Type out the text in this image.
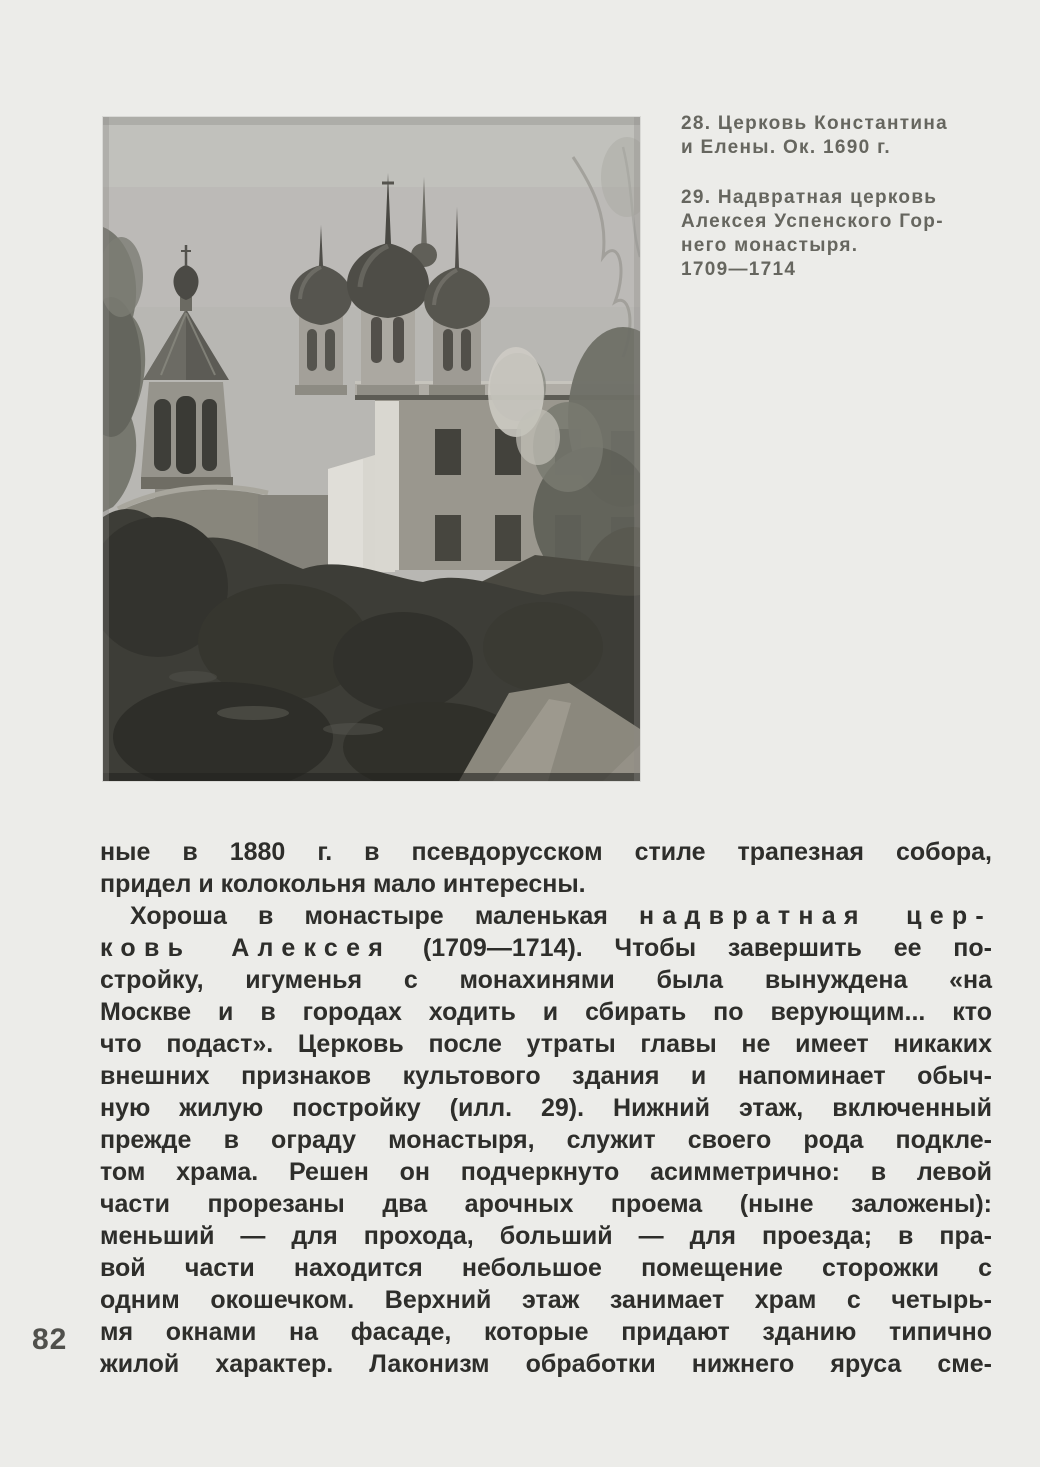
28. Церковь Константина
и Елены. Ок. 1690 г.
29. Надвратная церковь
Алексея Успенского Гор-
него монастыря.
1709—1714
ные в 1880 г. в псевдорусском стиле трапезная собора,
придел и колокольня мало интересны.
Хороша в монастыре маленькая надвратная цер-
ковь Алексея (1709—1714). Чтобы завершить ее по-
стройку, игуменья с монахинями была вынуждена «на
Москве и в городах ходить и сбирать по верующим... кто
что подаст». Церковь после утраты главы не имеет никаких
внешних признаков культового здания и напоминает обыч-
ную жилую постройку (илл. 29). Нижний этаж, включенный
прежде в ограду монастыря, служит своего рода подкле-
том храма. Решен он подчеркнуто асимметрично: в левой
части прорезаны два арочных проема (ныне заложены):
меньший — для прохода, больший — для проезда; в пра-
вой части находится небольшое помещение сторожки с
одним окошечком. Верхний этаж занимает храм с четырь-
мя окнами на фасаде, которые придают зданию типично
жилой характер. Лаконизм обработки нижнего яруса сме-
82
